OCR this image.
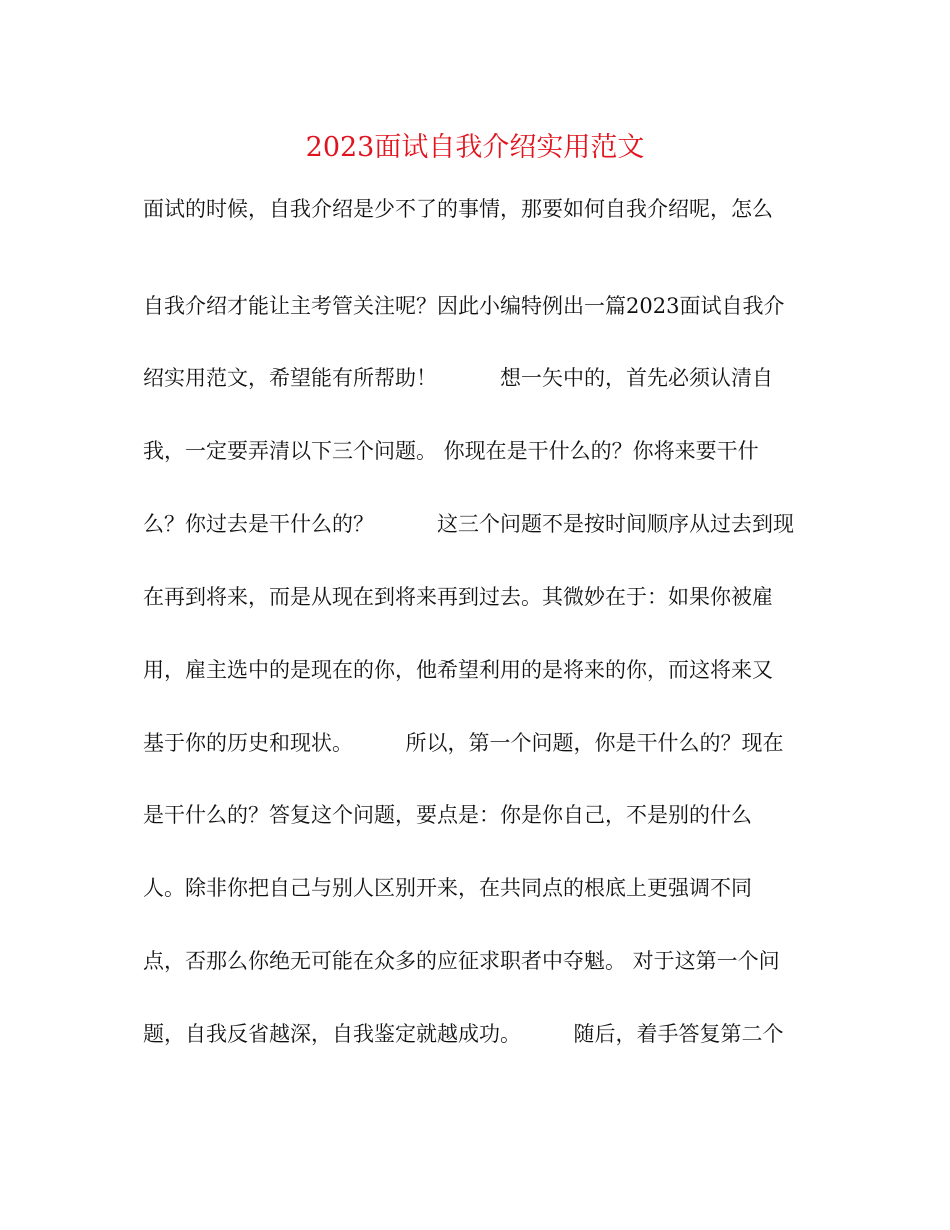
2023面试自我介绍实用范文
面试的时候，自我介绍是少不了的事情，那要如何自我介绍呢，怎么
自我介绍才能让主考管关注呢？因此小编特例出一篇2023面试自我介
绍实用范文，希望能有所帮助！　　　想一矢中的，首先必须认清自
我，一定要弄清以下三个问题。 你现在是干什么的？你将来要干什
么？你过去是干什么的？　　　这三个问题不是按时间顺序从过去到现
在再到将来，而是从现在到将来再到过去。其微妙在于：如果你被雇
用，雇主选中的是现在的你，他希望利用的是将来的你，而这将来又
基于你的历史和现状。　　　所以，第一个问题，你是干什么的？现在
是干什么的？答复这个问题，要点是：你是你自己，不是别的什么
人。除非你把自己与别人区别开来，在共同点的根底上更强调不同
点，否那么你绝无可能在众多的应征求职者中夺魁。 对于这第一个问
题，自我反省越深，自我鉴定就越成功。　　　随后，着手答复第二个
